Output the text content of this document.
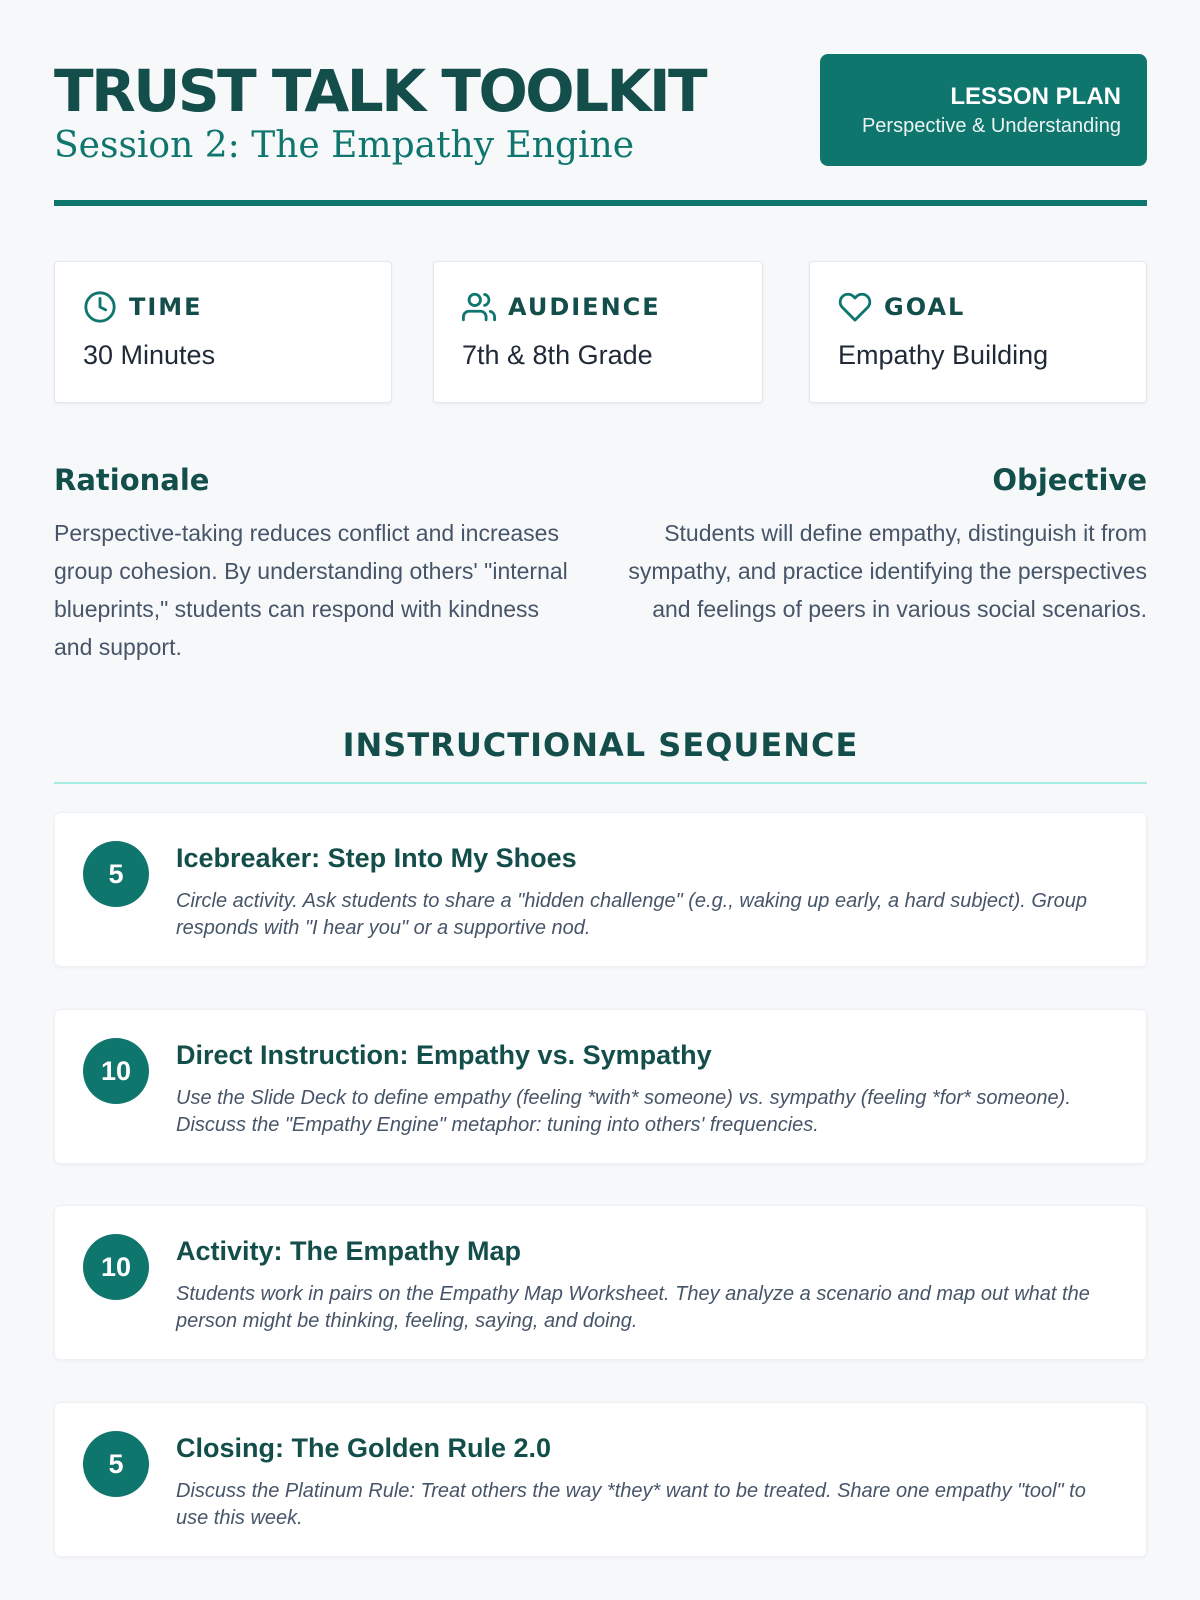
TRUST TALK TOOLKIT
Session 2: The Empathy Engine
LESSON PLAN
Perspective & Understanding
TIME
30 Minutes
AUDIENCE
7th & 8th Grade
GOAL
Empathy Building
Rationale
Perspective-taking reduces conflict and increases group cohesion. By understanding others' "internal blueprints," students can respond with kindness and support.
Objective
Students will define empathy, distinguish it from sympathy, and practice identifying the perspectives and feelings of peers in various social scenarios.
INSTRUCTIONAL SEQUENCE
5
Icebreaker: Step Into My Shoes
Circle activity. Ask students to share a "hidden challenge" (e.g., waking up early, a hard subject). Group responds with "I hear you" or a supportive nod.
10
Direct Instruction: Empathy vs. Sympathy
Use the Slide Deck to define empathy (feeling *with* someone) vs. sympathy (feeling *for* someone). Discuss the "Empathy Engine" metaphor: tuning into others' frequencies.
10
Activity: The Empathy Map
Students work in pairs on the Empathy Map Worksheet. They analyze a scenario and map out what the person might be thinking, feeling, saying, and doing.
5
Closing: The Golden Rule 2.0
Discuss the Platinum Rule: Treat others the way *they* want to be treated. Share one empathy "tool" to use this week.
